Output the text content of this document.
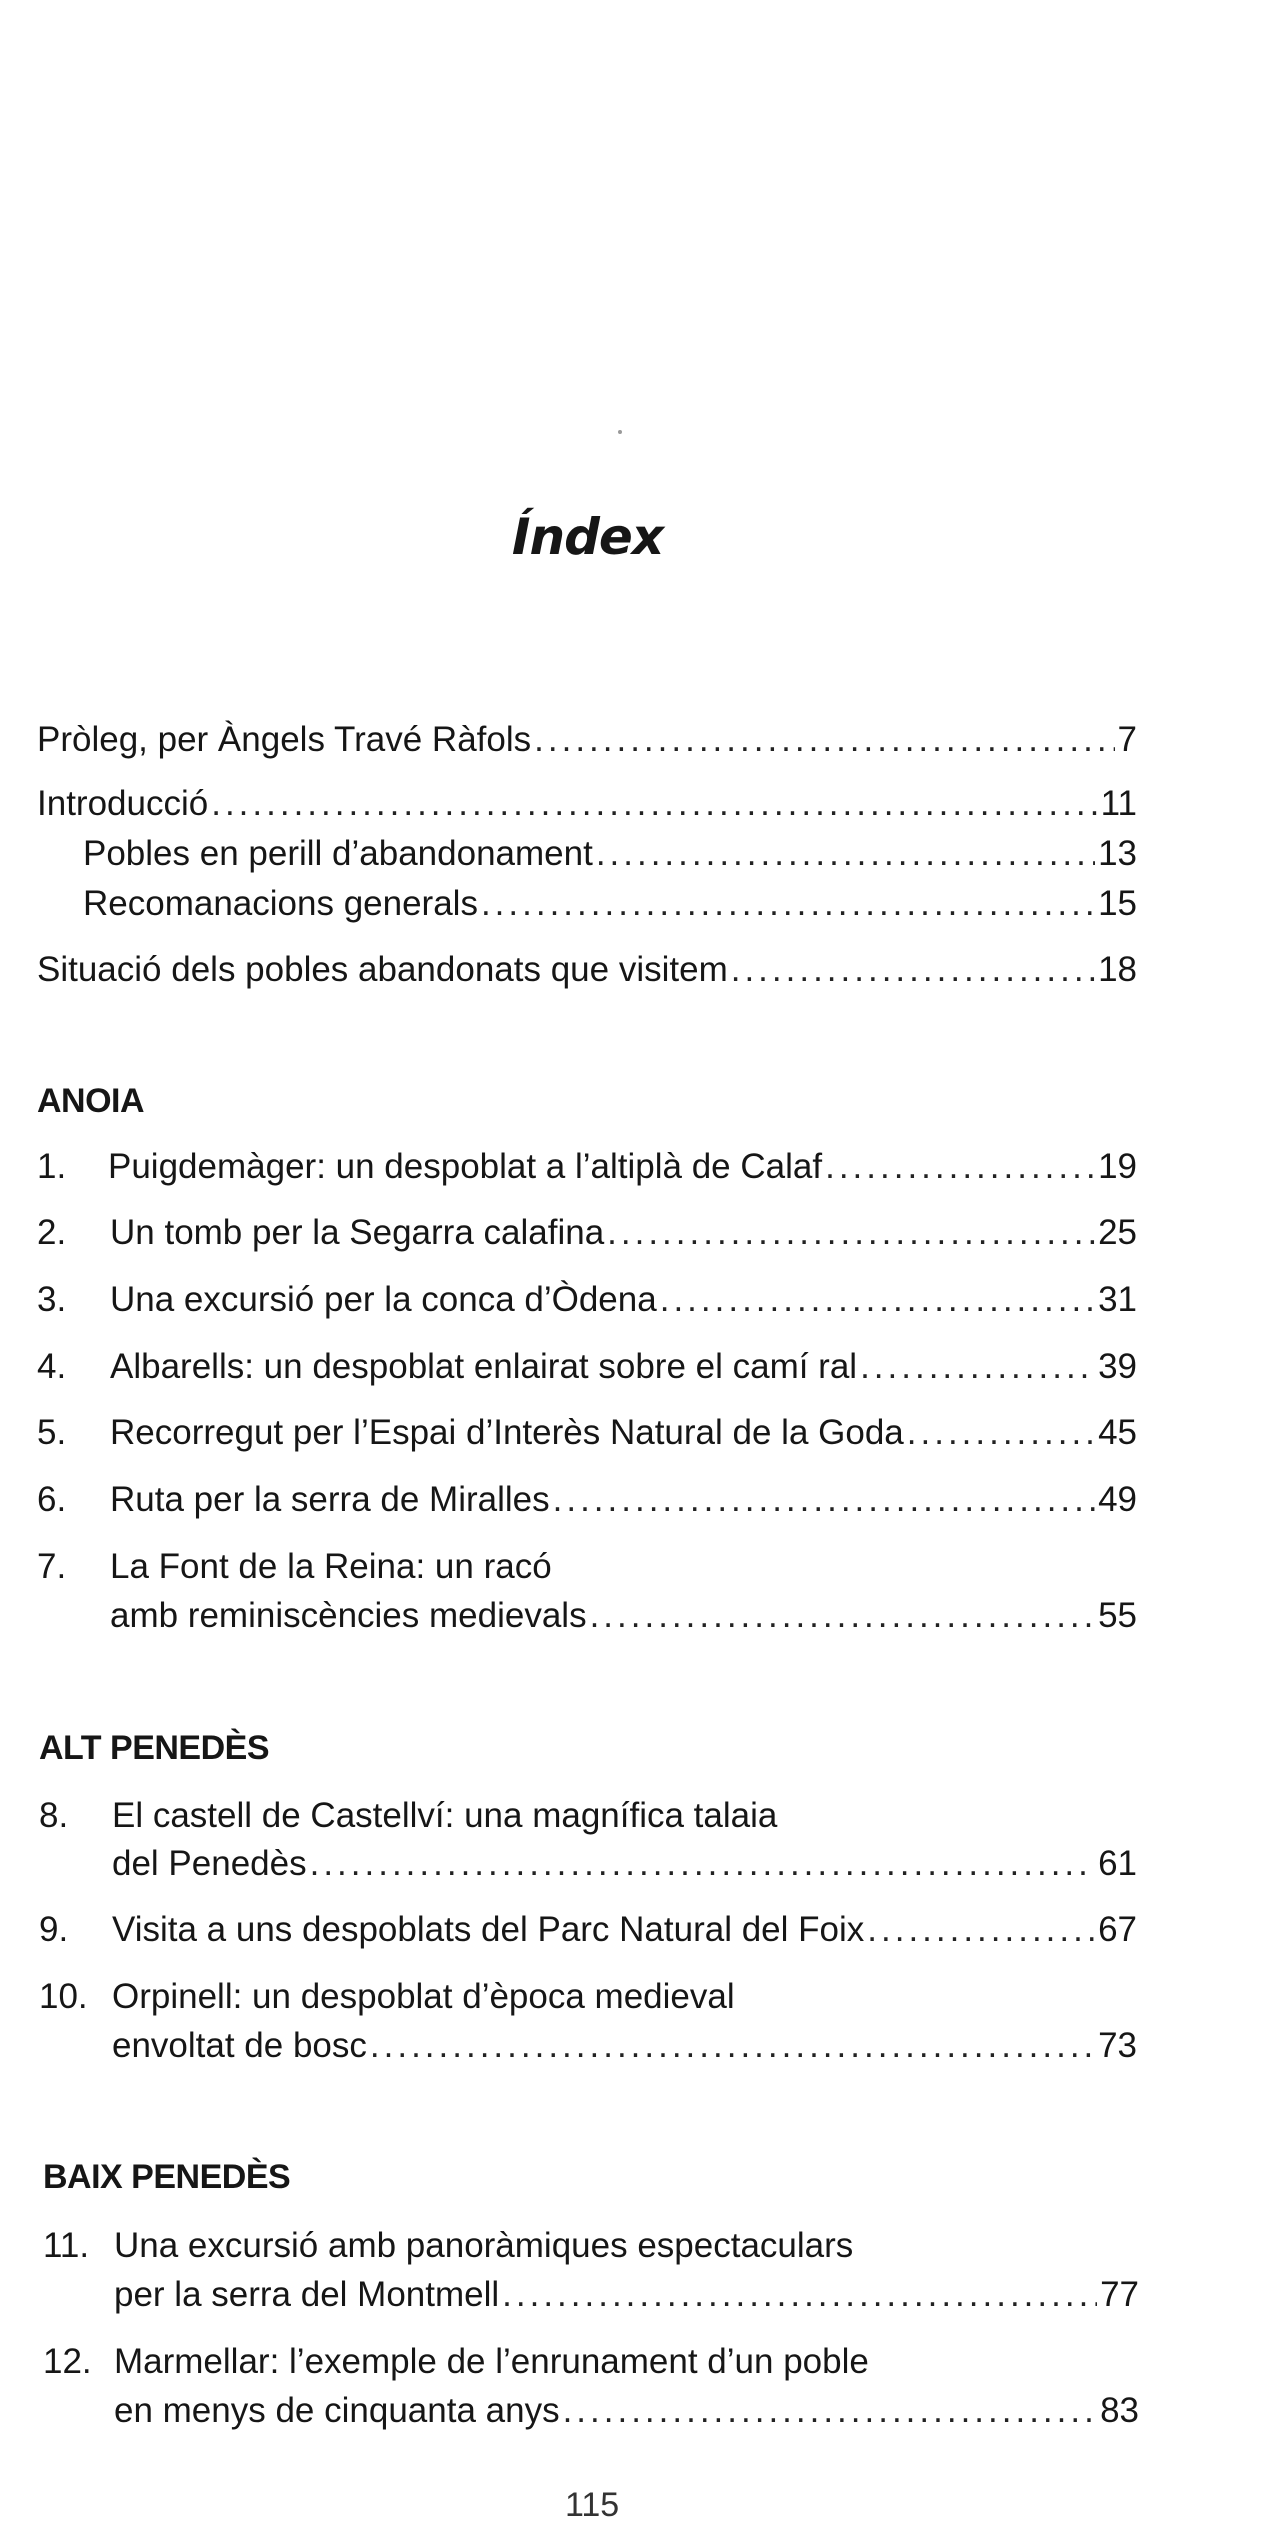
Índex
Pròleg, per Àngels Travé Ràfols .....	7
Introducció .....	11
Pobles en perill d’abandonament .....	13
Recomanacions generals .....	15
Situació dels pobles abandonats que visitem .....	18
ANOIA
1. Puigdemàger: un despoblat a l’altiplà de Calaf .....	19
2. Un tomb per la Segarra calafina .....	25
3. Una excursió per la conca d’Òdena .....	31
4. Albarells: un despoblat enlairat sobre el camí ral .....	39
5. Recorregut per l’Espai d’Interès Natural de la Goda .....	45
6. Ruta per la serra de Miralles .....	49
7. La Font de la Reina: un racó
amb reminiscències medievals .....	55
ALT PENEDÈS
8. El castell de Castellví: una magnífica talaia
del Penedès .....	61
9. Visita a uns despoblats del Parc Natural del Foix .....	67
10. Orpinell: un despoblat d’època medieval
envoltat de bosc .....	73
BAIX PENEDÈS
11. Una excursió amb panoràmiques espectaculars
per la serra del Montmell .....	77
12. Marmellar: l’exemple de l’enrunament d’un poble
en menys de cinquanta anys .....	83
115
